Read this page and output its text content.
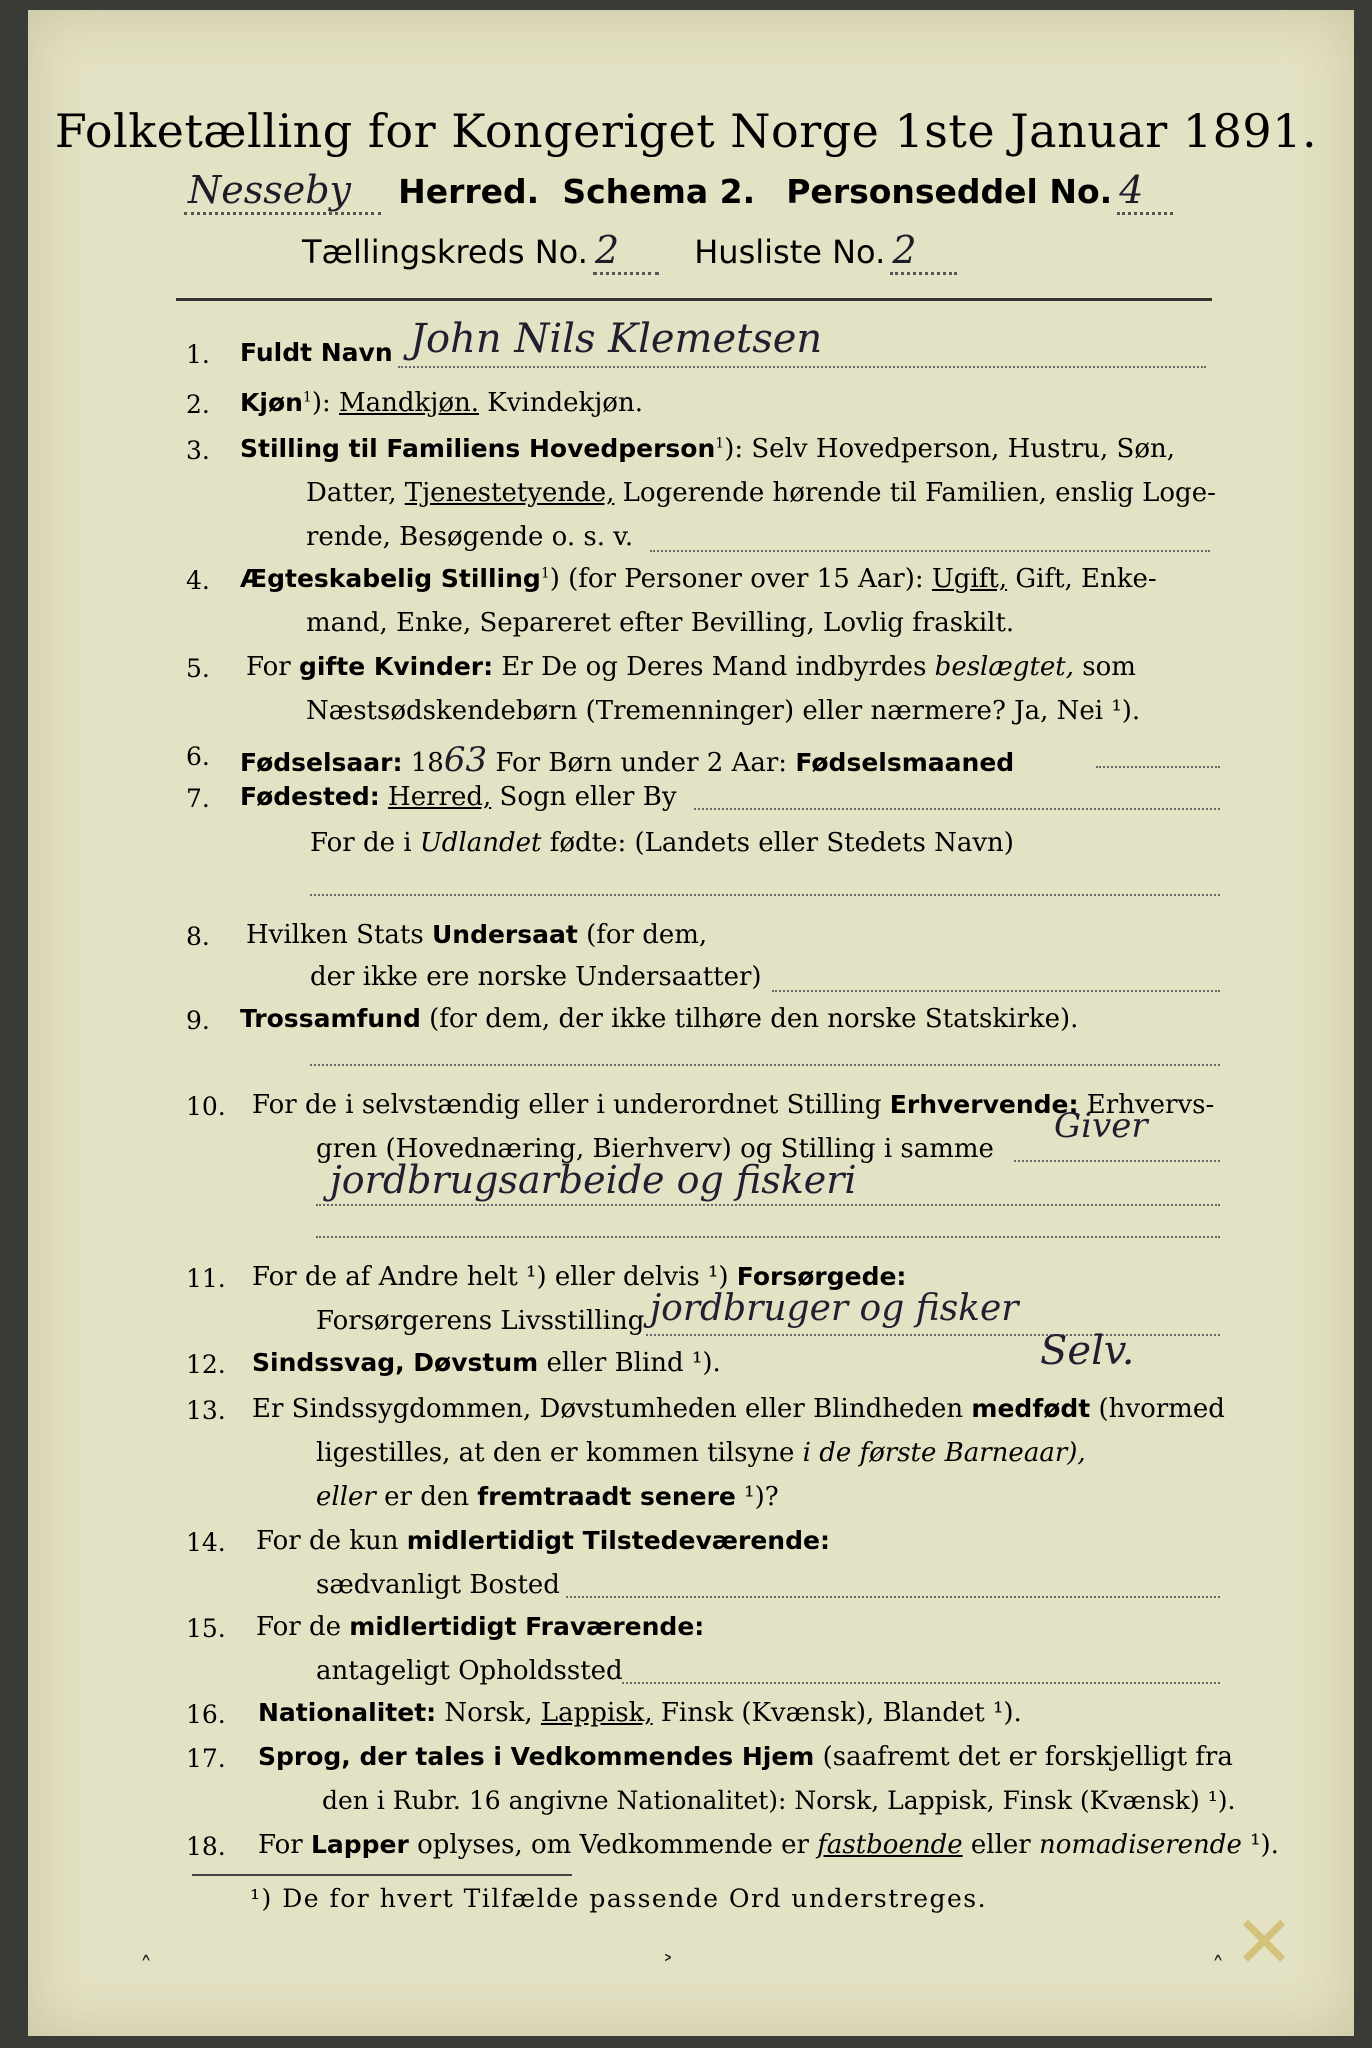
Folketælling for Kongeriget Norge 1ste Januar 1891.
Nesseby Herred. Schema 2. Personseddel No. 4
Tællingskreds No. 2 Husliste No. 2
1.	Fuldt Navn John Nils Klemetsen
2.	Kjøn$^1$): Mandkjøn. Kvindekjøn.
3.	Stilling til Familiens Hovedperson$^1$): Selv Hovedperson, Hustru, Søn,
Datter, Tjenestetyende, Logerende hørende til Familien, enslig Loge-
rende, Besøgende o. s. v.
4.	Ægteskabelig Stilling$^1$) (for Personer over 15 Aar): Ugift, Gift, Enke-
mand, Enke, Separeret efter Bevilling, Lovlig fraskilt.
5.	For gifte Kvinder: Er De og Deres Mand indbyrdes beslægtet, som
Næstsødskendebørn (Tremenninger) eller nærmere? Ja, Nei ¹).
6.	Fødselsaar: 1863 For Børn under 2 Aar: Fødselsmaaned
7.	Fødested: Herred, Sogn eller By
For de i Udlandet fødte: (Landets eller Stedets Navn)
8.	Hvilken Stats Undersaat (for dem,
der ikke ere norske Undersaatter)
9.	Trossamfund (for dem, der ikke tilhøre den norske Statskirke).
10. For de i selvstændig eller i underordnet Stilling Erhvervende: Erhvervs-
gren (Hovednæring, Bierhverv) og Stilling i samme
Giver
jordbrugsarbeide og fiskeri
11. For de af Andre helt ¹) eller delvis ¹) Forsørgede:
Forsørgerens Livsstilling jordbruger og fisker
12. Sindssvag, Døvstum eller Blind ¹).	Selv.
13. Er Sindssygdommen, Døvstumheden eller Blindheden medfødt (hvormed
ligestilles, at den er kommen tilsyne i de første Barneaar),
eller er den fremtraadt senere ¹)?
14. For de kun midlertidigt Tilstedeværende:
sædvanligt Bosted
15. For de midlertidigt Fraværende:
antageligt Opholdssted
16. Nationalitet: Norsk, Lappisk, Finsk (Kvænsk), Blandet ¹).
17. Sprog, der tales i Vedkommendes Hjem (saafremt det er forskjelligt fra
den i Rubr. 16 angivne Nationalitet): Norsk, Lappisk, Finsk (Kvænsk) ¹).
18. For Lapper oplyses, om Vedkommende er fastboende eller nomadiserende ¹).
¹) De for hvert Tilfælde passende Ord understreges.
˄	˃	˄ ✕
